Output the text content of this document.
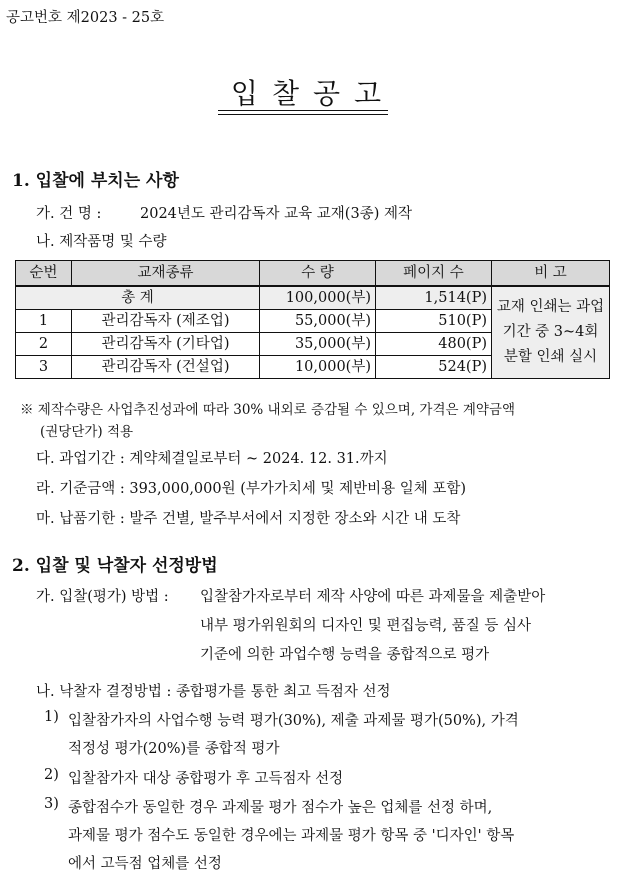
공고번호 제2023 - 25호
입찰공고
1. 입찰에 부치는 사항
가. 건 명 :	2024년도 관리감독자 교육 교재(3종) 제작
나. 제작품명 및 수량
순번	교재종류	수 량	페이지 수	비 고
총 계		100,000(부)	1,514(P)	교재 인쇄는 과업기간 중 3~4회 분할 인쇄 실시
1	관리감독자 (제조업)	55,000(부)	510(P)	
2	관리감독자 (기타업)	35,000(부)	480(P)	
3	관리감독자 (건설업)	10,000(부)	524(P)	
※ 제작수량은 사업추진성과에 따라 30% 내외로 증감될 수 있으며, 가격은 계약금액
(권당단가) 적용
다. 과업기간 : 계약체결일로부터 ~ 2024. 12. 31.까지
라. 기준금액 : 393,000,000원 (부가가치세 및 제반비용 일체 포함)
마. 납품기한 : 발주 건별, 발주부서에서 지정한 장소와 시간 내 도착
2. 입찰 및 낙찰자 선정방법
가. 입찰(평가) 방법 : 입찰참가자로부터 제작 사양에 따른 과제물을 제출받아
내부 평가위원회의 디자인 및 편집능력, 품질 등 심사
기준에 의한 과업수행 능력을 종합적으로 평가
나. 낙찰자 결정방법 : 종합평가를 통한 최고 득점자 선정
1) 입찰참가자의 사업수행 능력 평가(30%), 제출 과제물 평가(50%), 가격
적정성 평가(20%)를 종합적 평가
2) 입찰참가자 대상 종합평가 후 고득점자 선정
3) 종합점수가 동일한 경우 과제물 평가 점수가 높은 업체를 선정 하며,
과제물 평가 점수도 동일한 경우에는 과제물 평가 항목 중 '디자인' 항목
에서 고득점 업체를 선정
